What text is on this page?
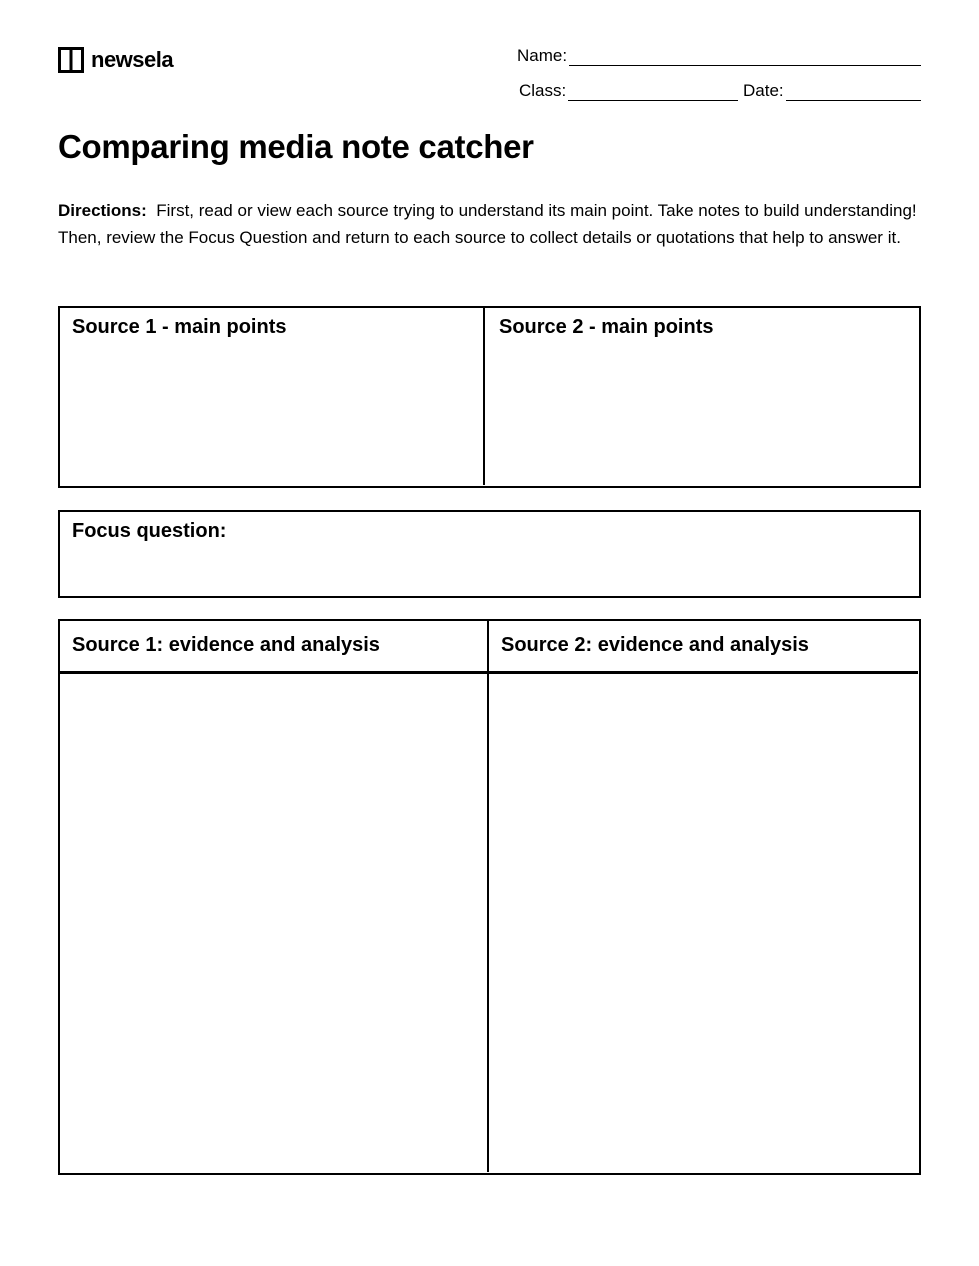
newsela	Name:
Class:	Date:
Comparing media note catcher

Directions: First, read or view each source trying to understand its main point. Take notes to build understanding! Then, review the Focus Question and return to each source to collect details or quotations that help to answer it.

Source 1 - main points	Source 2 - main points
Focus question:
Source 1: evidence and analysis	Source 2: evidence and analysis
